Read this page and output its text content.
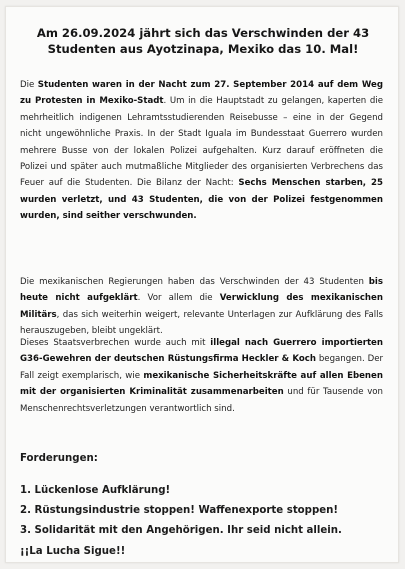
Am 26.09.2024 jährt sich das Verschwinden der 43 Studenten aus Ayotzinapa, Mexiko das 10. Mal!
Die Studenten waren in der Nacht zum 27. September 2014 auf dem Weg zu Protesten in Mexiko-Stadt. Um in die Hauptstadt zu gelangen, kaperten die mehrheitlich indigenen Lehramtsstudierenden Reisebusse – eine in der Gegend nicht ungewöhnliche Praxis. In der Stadt Iguala im Bundesstaat Guerrero wurden mehrere Busse von der lokalen Polizei aufgehalten. Kurz darauf eröffneten die Polizei und später auch mutmaßliche Mitglieder des organisierten Verbrechens das Feuer auf die Studenten. Die Bilanz der Nacht: Sechs Menschen starben, 25 wurden verletzt, und 43 Studenten, die von der Polizei festgenommen wurden, sind seither verschwunden.
Die mexikanischen Regierungen haben das Verschwinden der 43 Studenten bis heute nicht aufgeklärt. Vor allem die Verwicklung des mexikanischen Militärs, das sich weiterhin weigert, relevante Unterlagen zur Aufklärung des Falls herauszugeben, bleibt ungeklärt.
Dieses Staatsverbrechen wurde auch mit illegal nach Guerrero importierten G36-Gewehren der deutschen Rüstungsfirma Heckler & Koch begangen. Der Fall zeigt exemplarisch, wie mexikanische Sicherheitskräfte auf allen Ebenen mit der organisierten Kriminalität zusammenarbeiten und für Tausende von Menschenrechtsverletzungen verantwortlich sind.
Forderungen:
1. Lückenlose Aufklärung!
2. Rüstungsindustrie stoppen! Waffenexporte stoppen!
3. Solidarität mit den Angehörigen. Ihr seid nicht allein.
¡¡La Lucha Sigue!!
